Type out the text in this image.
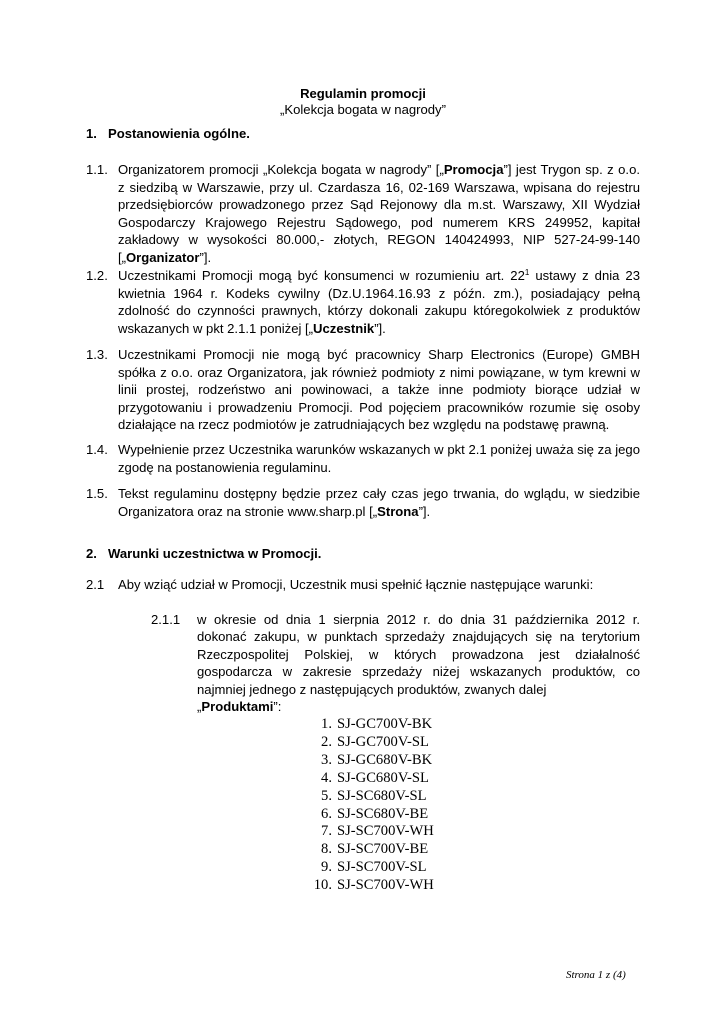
Regulamin promocji
„Kolekcja bogata w nagrody”
1. Postanowienia ogólne.
1.1. Organizatorem promocji „Kolekcja bogata w nagrody” [„Promocja”] jest Trygon sp. z o.o. z siedzibą w Warszawie, przy ul. Czardasza 16, 02-169 Warszawa, wpisana do rejestru przedsiębiorców prowadzonego przez Sąd Rejonowy dla m.st. Warszawy, XII Wydział Gospodarczy Krajowego Rejestru Sądowego, pod numerem KRS 249952, kapitał zakładowy w wysokości 80.000,- złotych, REGON 140424993, NIP 527-24-99-140 [„Organizator”].
1.2. Uczestnikami Promocji mogą być konsumenci w rozumieniu art. $22^1$ ustawy z dnia 23 kwietnia 1964 r. Kodeks cywilny (Dz.U.1964.16.93 z późn. zm.), posiadający pełną zdolność do czynności prawnych, którzy dokonali zakupu któregokolwiek z produktów wskazanych w pkt 2.1.1 poniżej [„Uczestnik”].
1.3. Uczestnikami Promocji nie mogą być pracownicy Sharp Electronics (Europe) GMBH spółka z o.o. oraz Organizatora, jak również podmioty z nimi powiązane, w tym krewni w linii prostej, rodzeństwo ani powinowaci, a także inne podmioty biorące udział w przygotowaniu i prowadzeniu Promocji. Pod pojęciem pracowników rozumie się osoby działające na rzecz podmiotów je zatrudniających bez względu na podstawę prawną.
1.4. Wypełnienie przez Uczestnika warunków wskazanych w pkt 2.1 poniżej uważa się za jego zgodę na postanowienia regulaminu.
1.5. Tekst regulaminu dostępny będzie przez cały czas jego trwania, do wglądu, w siedzibie Organizatora oraz na stronie www.sharp.pl [„Strona”].
2. Warunki uczestnictwa w Promocji.
2.1 Aby wziąć udział w Promocji, Uczestnik musi spełnić łącznie następujące warunki:
2.1.1 w okresie od dnia 1 sierpnia 2012 r. do dnia 31 października 2012 r. dokonać zakupu, w punktach sprzedaży znajdujących się na terytorium Rzeczpospolitej Polskiej, w których prowadzona jest działalność gospodarcza w zakresie sprzedaży niżej wskazanych produktów, co najmniej jednego z następujących produktów, zwanych dalej
„Produktami”:
1. SJ-GC700V-BK
2. SJ-GC700V-SL
3. SJ-GC680V-BK
4. SJ-GC680V-SL
5. SJ-SC680V-SL
6. SJ-SC680V-BE
7. SJ-SC700V-WH
8. SJ-SC700V-BE
9. SJ-SC700V-SL
10. SJ-SC700V-WH
Strona 1 z (4)
